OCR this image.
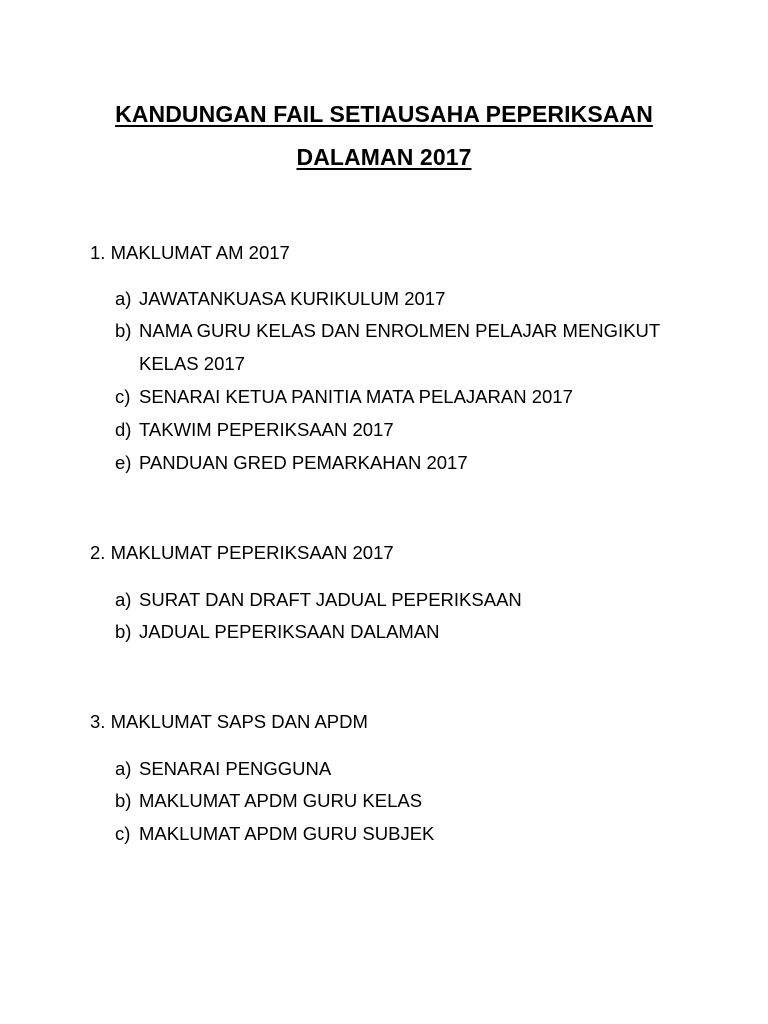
KANDUNGAN FAIL SETIAUSAHA PEPERIKSAAN
DALAMAN 2017
1. MAKLUMAT AM 2017
a) JAWATANKUASA KURIKULUM 2017
b) NAMA GURU KELAS DAN ENROLMEN PELAJAR MENGIKUT
KELAS 2017
c) SENARAI KETUA PANITIA MATA PELAJARAN 2017
d) TAKWIM PEPERIKSAAN 2017
e) PANDUAN GRED PEMARKAHAN 2017
2. MAKLUMAT PEPERIKSAAN 2017
a) SURAT DAN DRAFT JADUAL PEPERIKSAAN
b) JADUAL PEPERIKSAAN DALAMAN
3. MAKLUMAT SAPS DAN APDM
a) SENARAI PENGGUNA
b) MAKLUMAT APDM GURU KELAS
c) MAKLUMAT APDM GURU SUBJEK
